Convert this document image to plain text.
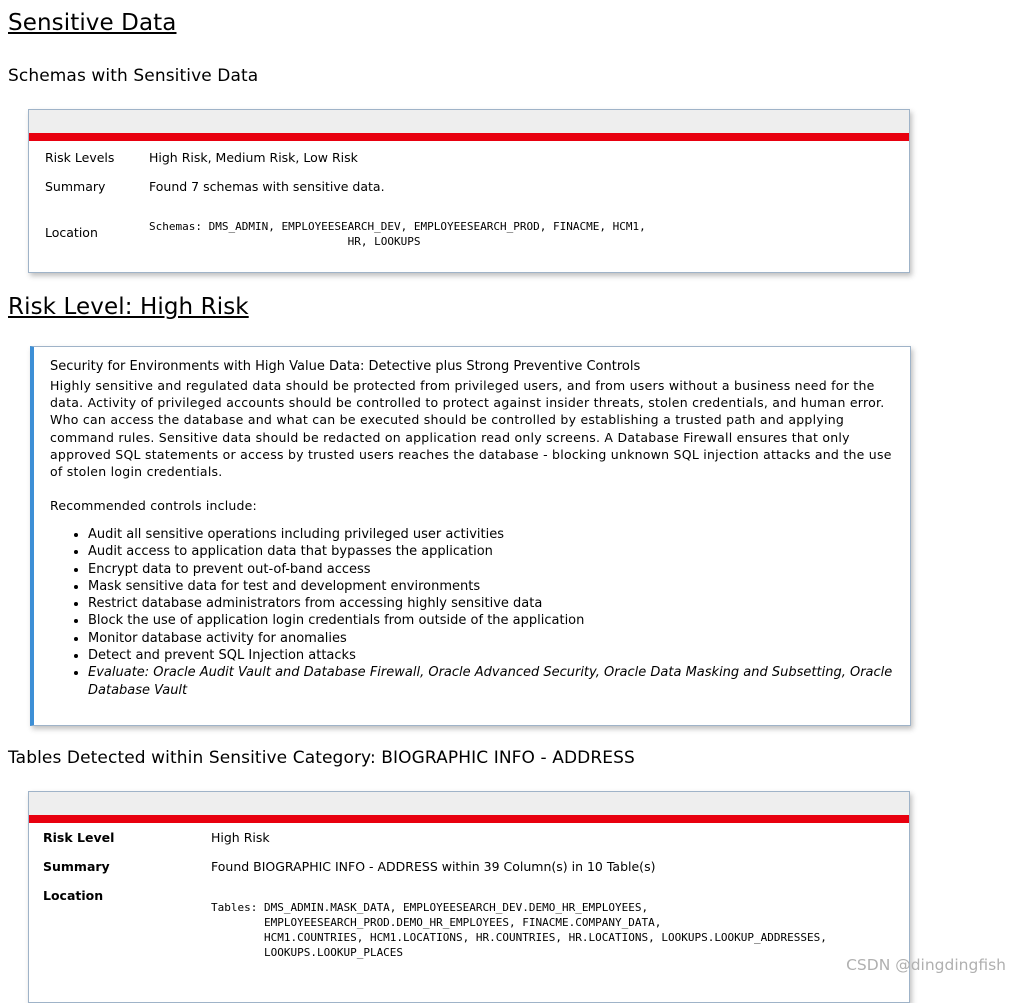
Sensitive Data
Schemas with Sensitive Data
Risk Levels	High Risk, Medium Risk, Low Risk
Summary	Found 7 schemas with sensitive data.
Location	Schemas: DMS_ADMIN, EMPLOYEESEARCH_DEV, EMPLOYEESEARCH_PROD, FINACME, HCM1,
HR, LOOKUPS
Risk Level: High Risk
Security for Environments with High Value Data: Detective plus Strong Preventive Controls

Highly sensitive and regulated data should be protected from privileged users, and from users without a business need for the data. Activity of privileged accounts should be controlled to protect against insider threats, stolen credentials, and human error. Who can access the database and what can be executed should be controlled by establishing a trusted path and applying command rules. Sensitive data should be redacted on application read only screens. A Database Firewall ensures that only approved SQL statements or access by trusted users reaches the database - blocking unknown SQL injection attacks and the use of stolen login credentials.

Recommended controls include:
• Audit all sensitive operations including privileged user activities
• Audit access to application data that bypasses the application
• Encrypt data to prevent out-of-band access
• Mask sensitive data for test and development environments
• Restrict database administrators from accessing highly sensitive data
• Block the use of application login credentials from outside of the application
• Monitor database activity for anomalies
• Detect and prevent SQL Injection attacks
• Evaluate: Oracle Audit Vault and Database Firewall, Oracle Advanced Security, Oracle Data Masking and Subsetting, Oracle Database Vault
Tables Detected within Sensitive Category: BIOGRAPHIC INFO - ADDRESS
Risk Level	High Risk
Summary	Found BIOGRAPHIC INFO - ADDRESS within 39 Column(s) in 10 Table(s)
Location
Tables: DMS_ADMIN.MASK_DATA, EMPLOYEESEARCH_DEV.DEMO_HR_EMPLOYEES,
EMPLOYEESEARCH_PROD.DEMO_HR_EMPLOYEES, FINACME.COMPANY_DATA,
HCM1.COUNTRIES, HCM1.LOCATIONS, HR.COUNTRIES, HR.LOCATIONS, LOOKUPS.LOOKUP_ADDRESSES,
LOOKUPS.LOOKUP_PLACES
CSDN @dingdingfish
